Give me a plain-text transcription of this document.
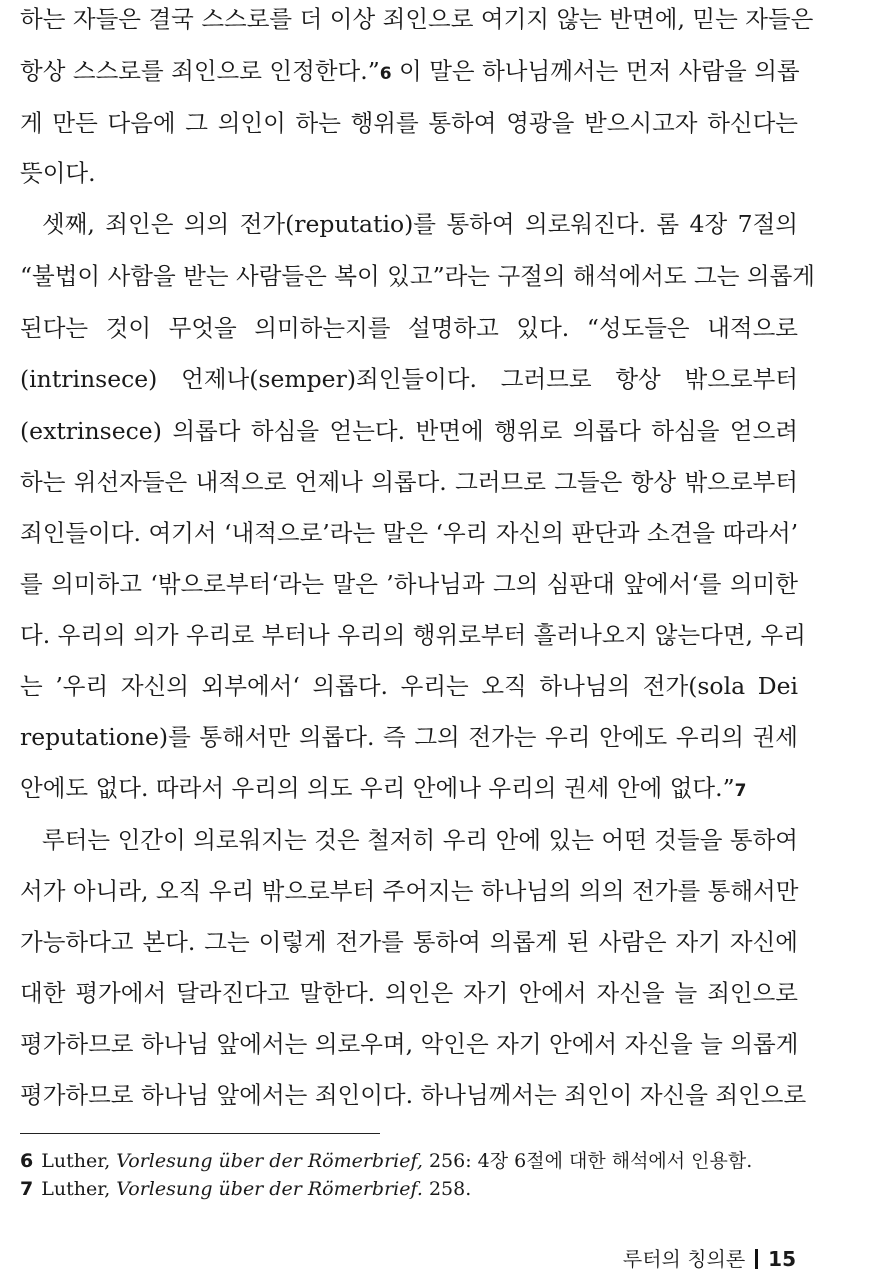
하는 자들은 결국 스스로를 더 이상 죄인으로 여기지 않는 반면에, 믿는 자들은
항상 스스로를 죄인으로 인정한다.”6 이 말은 하나님께서는 먼저 사람을 의롭
게 만든 다음에 그 의인이 하는 행위를 통하여 영광을 받으시고자 하신다는
뜻이다.
셋째, 죄인은 의의 전가(reputatio)를 통하여 의로워진다. 롬 4장 7절의
“불법이 사함을 받는 사람들은 복이 있고”라는 구절의 해석에서도 그는 의롭게
된다는 것이 무엇을 의미하는지를 설명하고 있다. “성도들은 내적으로
(intrinsece) 언제나(semper)죄인들이다. 그러므로 항상 밖으로부터
(extrinsece) 의롭다 하심을 얻는다. 반면에 행위로 의롭다 하심을 얻으려
하는 위선자들은 내적으로 언제나 의롭다. 그러므로 그들은 항상 밖으로부터
죄인들이다. 여기서 ‘내적으로’라는 말은 ‘우리 자신의 판단과 소견을 따라서’
를 의미하고 ‘밖으로부터‘라는 말은 ’하나님과 그의 심판대 앞에서‘를 의미한
다. 우리의 의가 우리로 부터나 우리의 행위로부터 흘러나오지 않는다면, 우리
는 ’우리 자신의 외부에서‘ 의롭다. 우리는 오직 하나님의 전가(sola Dei
reputatione)를 통해서만 의롭다. 즉 그의 전가는 우리 안에도 우리의 권세
안에도 없다. 따라서 우리의 의도 우리 안에나 우리의 권세 안에 없다.”7
루터는 인간이 의로워지는 것은 철저히 우리 안에 있는 어떤 것들을 통하여
서가 아니라, 오직 우리 밖으로부터 주어지는 하나님의 의의 전가를 통해서만
가능하다고 본다. 그는 이렇게 전가를 통하여 의롭게 된 사람은 자기 자신에
대한 평가에서 달라진다고 말한다. 의인은 자기 안에서 자신을 늘 죄인으로
평가하므로 하나님 앞에서는 의로우며, 악인은 자기 안에서 자신을 늘 의롭게
평가하므로 하나님 앞에서는 죄인이다. 하나님께서는 죄인이 자신을 죄인으로
6 Luther, Vorlesung über der Römerbrief, 256: 4장 6절에 대한 해석에서 인용함.
7 Luther, Vorlesung über der Römerbrief. 258.
루터의 칭의론 15
